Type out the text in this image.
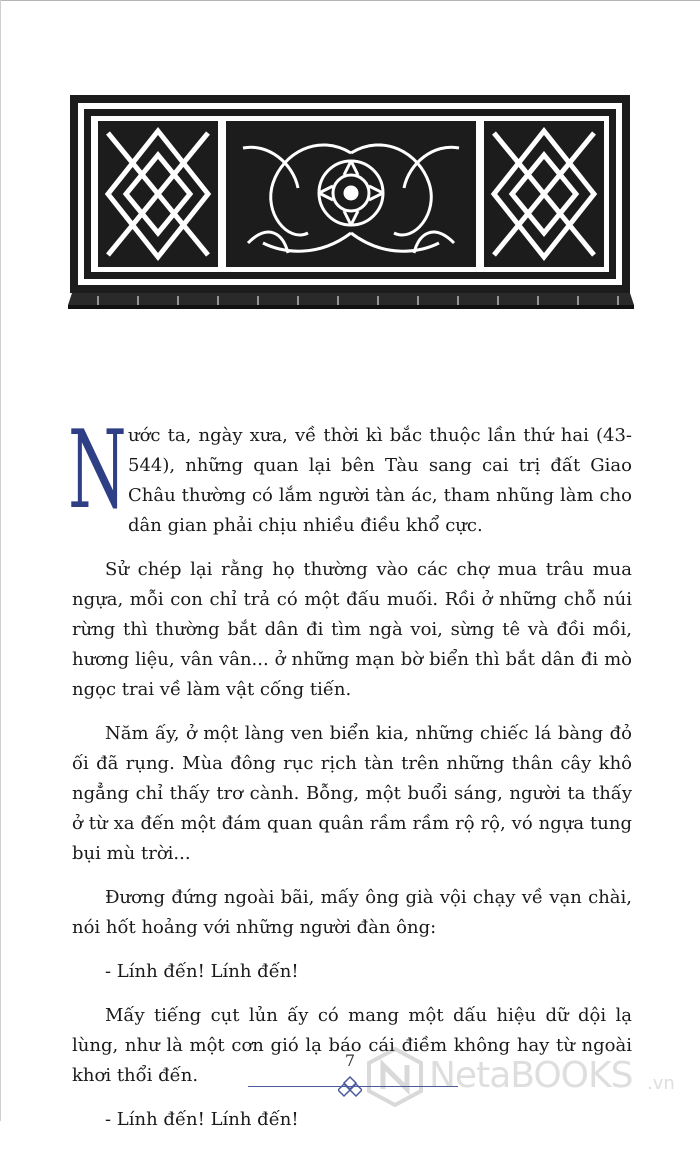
Nước ta, ngày xưa, về thời kì bắc thuộc lần thứ hai (43-544), những quan lại bên Tàu sang cai trị đất Giao Châu thường có lắm người tàn ác, tham nhũng làm cho dân gian phải chịu nhiều điều khổ cực.

Sử chép lại rằng họ thường vào các chợ mua trâu mua ngựa, mỗi con chỉ trả có một đấu muối. Rồi ở những chỗ núi rừng thì thường bắt dân đi tìm ngà voi, sừng tê và đồi mồi, hương liệu, vân vân... ở những mạn bờ biển thì bắt dân đi mò ngọc trai về làm vật cống tiến.

Năm ấy, ở một làng ven biển kia, những chiếc lá bàng đỏ ối đã rụng. Mùa đông rục rịch tàn trên những thân cây khô ngẳng chỉ thấy trơ cành. Bỗng, một buổi sáng, người ta thấy ở từ xa đến một đám quan quân rầm rầm rộ rộ, vó ngựa tung bụi mù trời...

Đương đứng ngoài bãi, mấy ông già vội chạy về vạn chài, nói hốt hoảng với những người đàn ông:

- Lính đến! Lính đến!

Mấy tiếng cụt lủn ấy có mang một dấu hiệu dữ dội lạ lùng, như là một cơn gió lạ báo cái điềm không hay từ ngoài khơi thổi đến.

- Lính đến! Lính đến!

7	NetaBOOKS .vn
